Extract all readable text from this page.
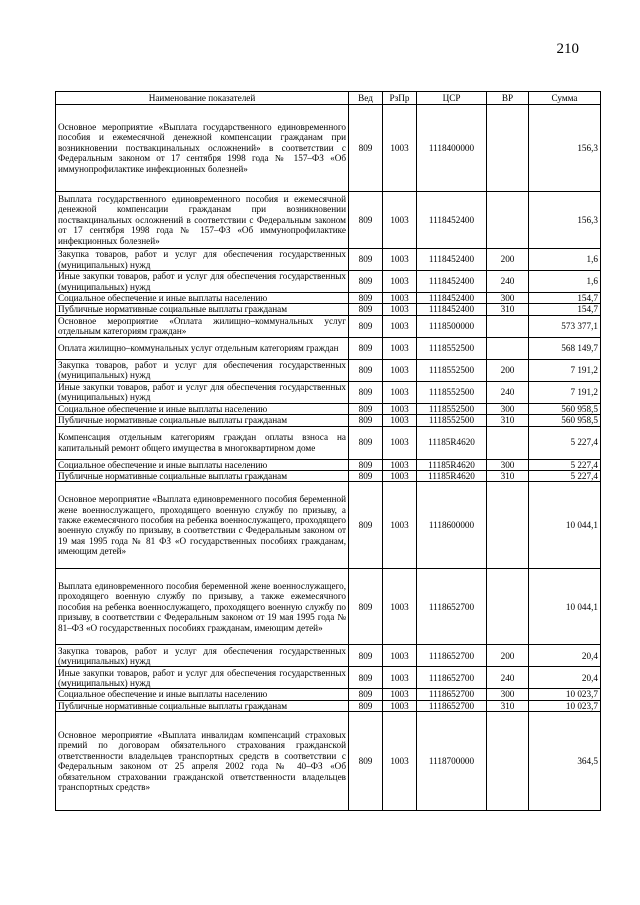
210
Наименование показателей	Вед	РзПр	ЦСР	ВР	Сумма
Основное мероприятие «Выплата государственного единовременного пособия и ежемесячной денежной компенсации гражданам при возникновении поствакцинальных осложнений» в соответствии с Федеральным законом от 17 сентября 1998 года № 157–ФЗ «Об иммунопрофилактике инфекционных болезней»	809	1003	1118400000		156,3
Выплата государственного единовременного пособия и ежемесячной денежной компенсации гражданам при возникновении поствакцинальных осложнений в соответствии с Федеральным законом от 17 сентября 1998 года № 157–ФЗ «Об иммунопрофилактике инфекционных болезней»	809	1003	1118452400		156,3
Закупка товаров, работ и услуг для обеспечения государственных (муниципальных) нужд	809	1003	1118452400	200	1,6
Иные закупки товаров, работ и услуг для обеспечения государственных (муниципальных) нужд	809	1003	1118452400	240	1,6
Социальное обеспечение и иные выплаты населению	809	1003	1118452400	300	154,7
Публичные нормативные социальные выплаты гражданам	809	1003	1118452400	310	154,7
Основное мероприятие «Оплата жилищно–коммунальных услуг отдельным категориям граждан»	809	1003	1118500000		573 377,1
Оплата жилищно–коммунальных услуг отдельным категориям граждан	809	1003	1118552500		568 149,7
Закупка товаров, работ и услуг для обеспечения государственных (муниципальных) нужд	809	1003	1118552500	200	7 191,2
Иные закупки товаров, работ и услуг для обеспечения государственных (муниципальных) нужд	809	1003	1118552500	240	7 191,2
Социальное обеспечение и иные выплаты населению	809	1003	1118552500	300	560 958,5
Публичные нормативные социальные выплаты гражданам	809	1003	1118552500	310	560 958,5
Компенсация отдельным категориям граждан оплаты взноса на капитальный ремонт общего имущества в многоквартирном доме	809	1003	11185R4620		5 227,4
Социальное обеспечение и иные выплаты населению	809	1003	11185R4620	300	5 227,4
Публичные нормативные социальные выплаты гражданам	809	1003	11185R4620	310	5 227,4
Основное мероприятие «Выплата единовременного пособия беременной жене военнослужащего, проходящего военную службу по призыву, а также ежемесячного пособия на ребенка военнослужащего, проходящего военную службу по призыву, в соответствии с Федеральным законом от 19 мая 1995 года № 81 ФЗ «О государственных пособиях гражданам, имеющим детей»	809	1003	1118600000		10 044,1
Выплата единовременного пособия беременной жене военнослужащего, проходящего военную службу по призыву, а также ежемесячного пособия на ребенка военнослужащего, проходящего военную службу по призыву, в соответствии с Федеральным законом от 19 мая 1995 года № 81–ФЗ «О государственных пособиях гражданам, имеющим детей»	809	1003	1118652700		10 044,1
Закупка товаров, работ и услуг для обеспечения государственных (муниципальных) нужд	809	1003	1118652700	200	20,4
Иные закупки товаров, работ и услуг для обеспечения государственных (муниципальных) нужд	809	1003	1118652700	240	20,4
Социальное обеспечение и иные выплаты населению	809	1003	1118652700	300	10 023,7
Публичные нормативные социальные выплаты гражданам	809	1003	1118652700	310	10 023,7
Основное мероприятие «Выплата инвалидам компенсаций страховых премий по договорам обязательного страхования гражданской ответственности владельцев транспортных средств в соответствии с Федеральным законом от 25 апреля 2002 года № 40–ФЗ «Об обязательном страховании гражданской ответственности владельцев транспортных средств»	809	1003	1118700000		364,5
